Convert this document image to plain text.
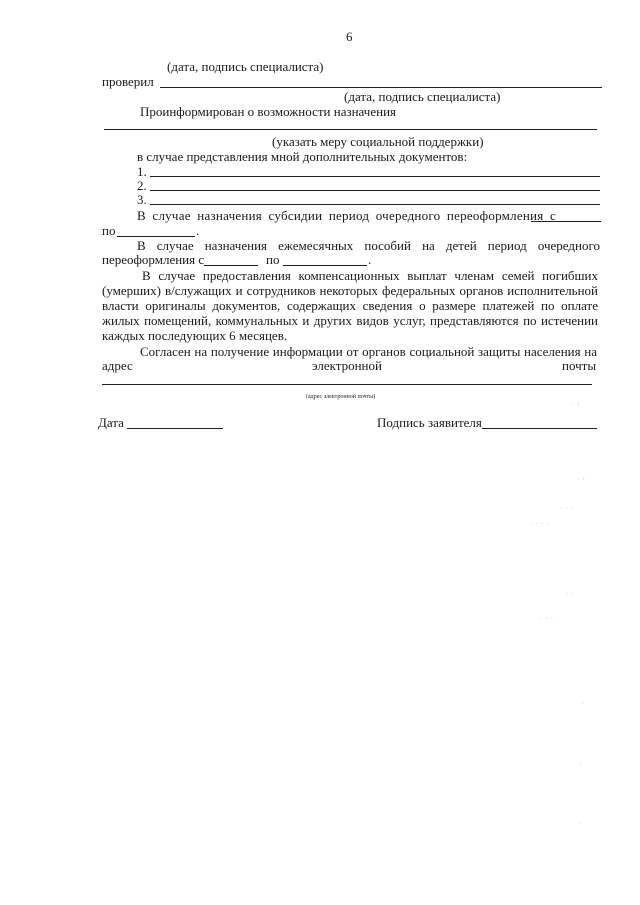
6
(дата, подпись специалиста)
проверил
(дата, подпись специалиста)
Проинформирован о возможности назначения
(указать меру социальной поддержки)
в случае представления мной дополнительных документов:
1.
2.
3.
В случае назначения субсидии период очередного переоформления с
по	.
В случае назначения ежемесячных пособий на детей период очередного
переоформления с	по	.
В случае предоставления компенсационных выплат членам семей погибших
(умерших) в/служащих и сотрудников некоторых федеральных органов исполнительной
власти оригиналы документов, содержащих сведения о размере платежей по оплате
жилых помещений, коммунальных и других видов услуг, представляются по истечении
каждых последующих 6 месяцев.
Согласен на получение информации от органов социальной защиты населения на
адрес	электронной	почты
(адрес электронной почты)
Дата	Подпись заявителя
· :
. :
· · ·
· · · ·
· ·
· · ·
·
:
·
